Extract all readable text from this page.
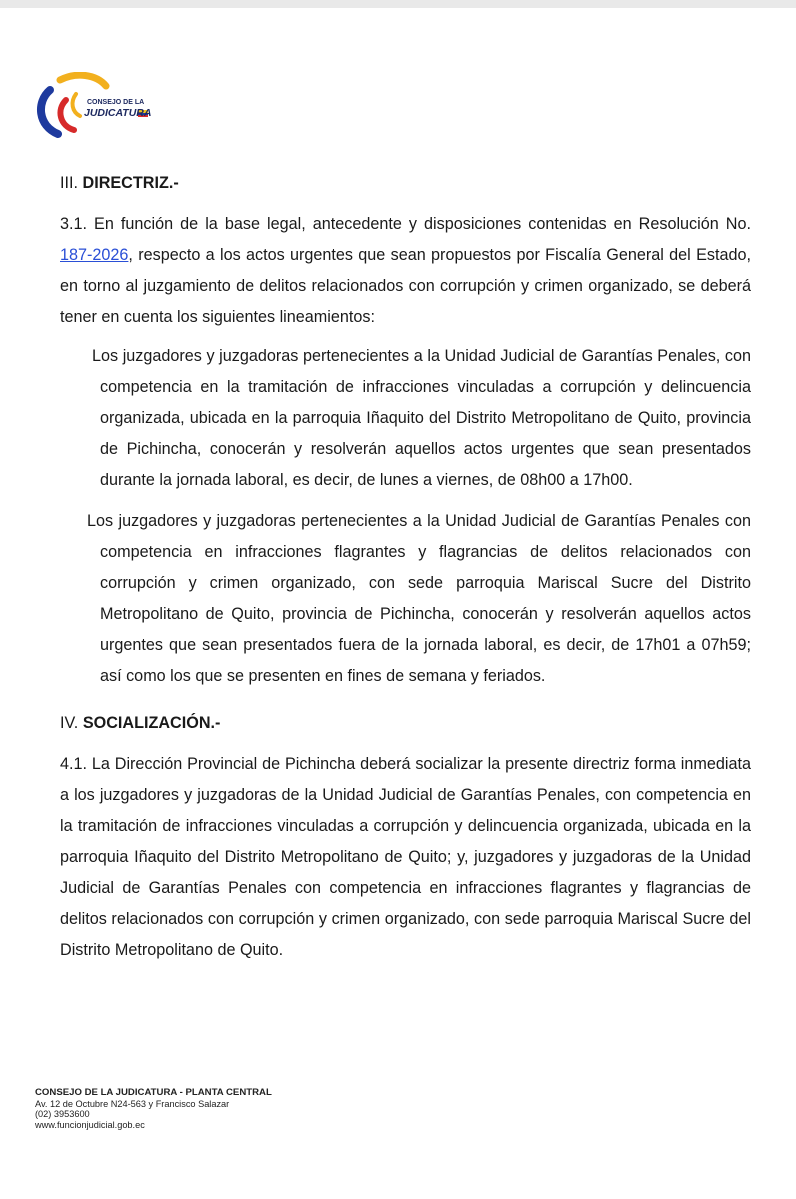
CONSEJO DE LA
JUDICATURA
III. DIRECTRIZ.-

3.1. En función de la base legal, antecedente y disposiciones contenidas en Resolución No. 187-2026, respecto a los actos urgentes que sean propuestos por Fiscalía General del Estado, en torno al juzgamiento de delitos relacionados con corrupción y crimen organizado, se deberá tener en cuenta los siguientes lineamientos:

Los juzgadores y juzgadoras pertenecientes a la Unidad Judicial de Garantías Penales, con competencia en la tramitación de infracciones vinculadas a corrupción y delincuencia organizada, ubicada en la parroquia Iñaquito del Distrito Metropolitano de Quito, provincia de Pichincha, conocerán y resolverán aquellos actos urgentes que sean presentados durante la jornada laboral, es decir, de lunes a viernes, de 08h00 a 17h00.

Los juzgadores y juzgadoras pertenecientes a la Unidad Judicial de Garantías Penales con competencia en infracciones flagrantes y flagrancias de delitos relacionados con corrupción y crimen organizado, con sede parroquia Mariscal Sucre del Distrito Metropolitano de Quito, provincia de Pichincha, conocerán y resolverán aquellos actos urgentes que sean presentados fuera de la jornada laboral, es decir, de 17h01 a 07h59; así como los que se presenten en fines de semana y feriados.

IV. SOCIALIZACIÓN.-

4.1. La Dirección Provincial de Pichincha deberá socializar la presente directriz forma inmediata a los juzgadores y juzgadoras de la Unidad Judicial de Garantías Penales, con competencia en la tramitación de infracciones vinculadas a corrupción y delincuencia organizada, ubicada en la parroquia Iñaquito del Distrito Metropolitano de Quito; y, juzgadores y juzgadoras de la Unidad Judicial de Garantías Penales con competencia en infracciones flagrantes y flagrancias de delitos relacionados con corrupción y crimen organizado, con sede parroquia Mariscal Sucre del Distrito Metropolitano de Quito.

CONSEJO DE LA JUDICATURA - PLANTA CENTRAL
Av. 12 de Octubre N24-563 y Francisco Salazar
(02) 3953600
www.funcionjudicial.gob.ec
